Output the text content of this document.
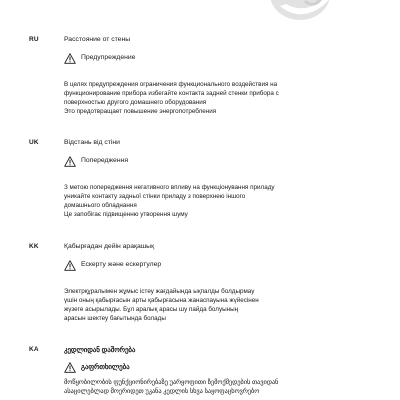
RU	Расстояние от стены
Предупреждение
В целях предупреждения ограничения функционального воздействия на
функционирование прибора избегайте контакта задней стенки прибора с
поверхностью другого домашнего оборудования
Это предотвращает повышение энергопотребления
UK	Відстань від стіни
Попередження
З метою попередження негативного впливу на функціонування приладу
уникайте контакту задньої стінки приладу з поверхнею іншого
домашнього обладнання
Це запобігає підвищенню утворення шуму
KK	Қабырғадан дейін арақашық
Ескерту және ескертулер
Электрқұралымен жұмыс істеу жағдайында ықпалды болдырмау
үшін оның қабырғасын арты қабырғасына жанаспауына жүйесінен
жүзеге асырылады. Бұл аралық арасы шу пайда болуының
арасын шектеу бағытында болады
KA	კედლიდან დაშორება
გაფრთხილება
მოწყობილობის ფუნქციონირებაზე უარყოფითი ზემოქმედების თავიდან
ასაცილებლად მოერიდეთ უკანა კედლის სხვა საყოფაცხოვრებო
